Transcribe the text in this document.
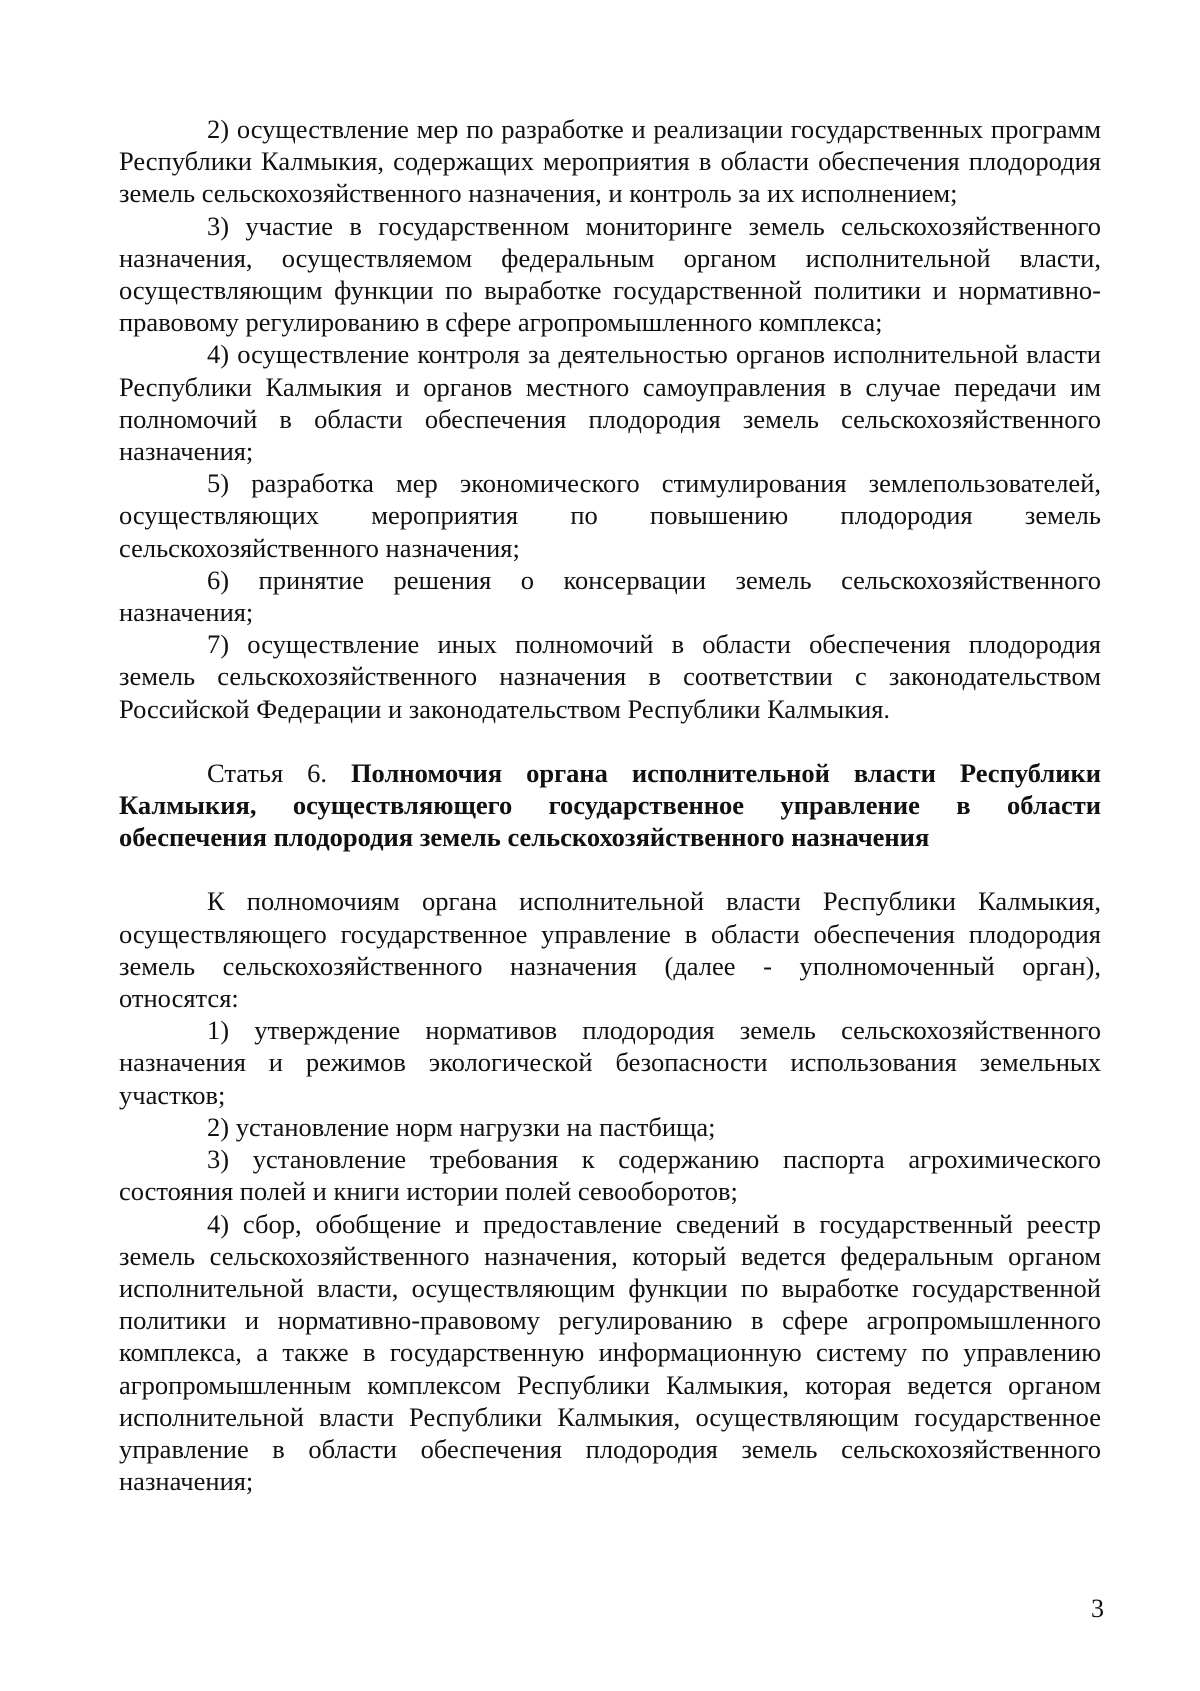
2) осуществление мер по разработке и реализации государственных программ Республики Калмыкия, содержащих мероприятия в области обеспечения плодородия земель сельскохозяйственного назначения, и контроль за их исполнением;

3) участие в государственном мониторинге земель сельскохозяйственного назначения, осуществляемом федеральным органом исполнительной власти, осуществляющим функции по выработке государственной политики и нормативно-правовому регулированию в сфере агропромышленного комплекса;

4) осуществление контроля за деятельностью органов исполнительной власти Республики Калмыкия и органов местного самоуправления в случае передачи им полномочий в области обеспечения плодородия земель сельскохозяйственного назначения;

5) разработка мер экономического стимулирования землепользователей, осуществляющих мероприятия по повышению плодородия земель сельскохозяйственного назначения;

6) принятие решения о консервации земель сельскохозяйственного назначения;

7) осуществление иных полномочий в области обеспечения плодородия земель сельскохозяйственного назначения в соответствии с законодательством Российской Федерации и законодательством Республики Калмыкия.

Статья 6. Полномочия органа исполнительной власти Республики Калмыкия, осуществляющего государственное управление в области обеспечения плодородия земель сельскохозяйственного назначения

К полномочиям органа исполнительной власти Республики Калмыкия, осуществляющего государственное управление в области обеспечения плодородия земель сельскохозяйственного назначения (далее - уполномоченный орган), относятся:

1) утверждение нормативов плодородия земель сельскохозяйственного назначения и режимов экологической безопасности использования земельных участков;

2) установление норм нагрузки на пастбища;

3) установление требования к содержанию паспорта агрохимического состояния полей и книги истории полей севооборотов;

4) сбор, обобщение и предоставление сведений в государственный реестр земель сельскохозяйственного назначения, который ведется федеральным органом исполнительной власти, осуществляющим функции по выработке государственной политики и нормативно-правовому регулированию в сфере агропромышленного комплекса, а также в государственную информационную систему по управлению агропромышленным комплексом Республики Калмыкия, которая ведется органом исполнительной власти Республики Калмыкия, осуществляющим государственное управление в области обеспечения плодородия земель сельскохозяйственного назначения;

3
